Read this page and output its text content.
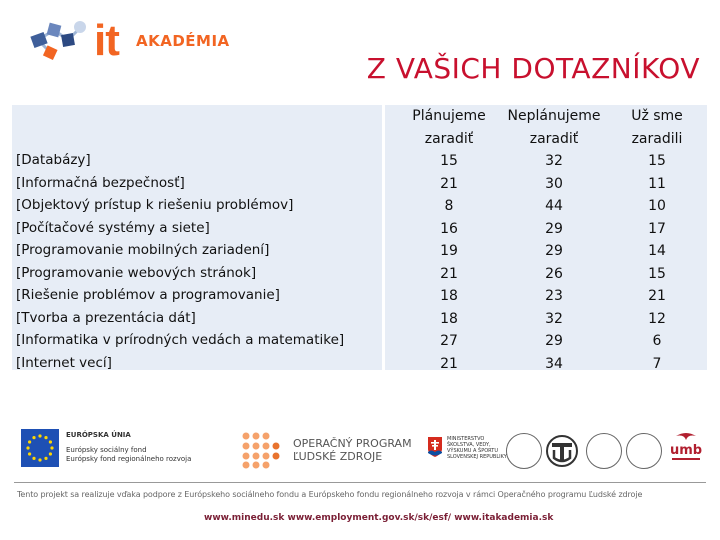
it AKADÉMIA
Z VAŠICH DOTAZNÍKOV
[Databázy]
[Informačná bezpečnosť]
[Objektový prístup k riešeniu problémov]
[Počítačové systémy a siete]
[Programovanie mobilných zariadení]
[Programovanie webových stránok]
[Riešenie problémov a programovanie]
[Tvorba a prezentácia dát]
[Informatika v prírodných vedách a matematike]
[Internet vecí]
Plánujeme
zaradiť
15
21
8
16
19
21
18
18
27
21
Neplánujeme
zaradiť
32
30
44
29
29
26
23
32
29
34
Už sme
zaradili
15
11
10
17
14
15
21
12
6
7
EURÓPSKA ÚNIA
Európsky sociálny fond
Európsky fond regionálneho rozvoja
OPERAČNÝ PROGRAM
ĽUDSKÉ ZDROJE
MINISTERSTVO
ŠKOLSTVA, VEDY,
VÝSKUMU A ŠPORTU
SLOVENSKEJ REPUBLIKY	umb
Tento projekt sa realizuje vďaka podpore z Európskeho sociálneho fondu a Európskeho fondu regionálneho rozvoja v rámci Operačného programu Ľudské zdroje
www.minedu.sk www.employment.gov.sk/sk/esf/ www.itakademia.sk
